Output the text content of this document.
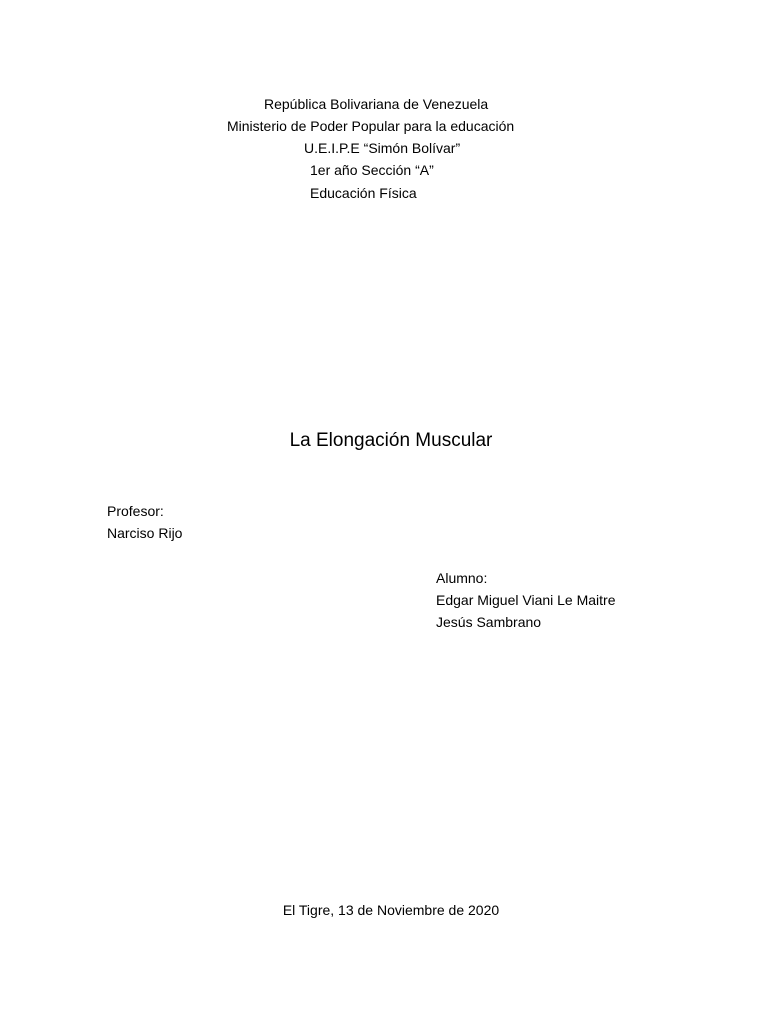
República Bolivariana de Venezuela
Ministerio de Poder Popular para la educación
U.E.I.P.E “Simón Bolívar”
1er año Sección “A”
Educación Física
La Elongación Muscular
Profesor:
Narciso Rijo
Alumno:
Edgar Miguel Viani Le Maitre
Jesús Sambrano
El Tigre, 13 de Noviembre de 2020
